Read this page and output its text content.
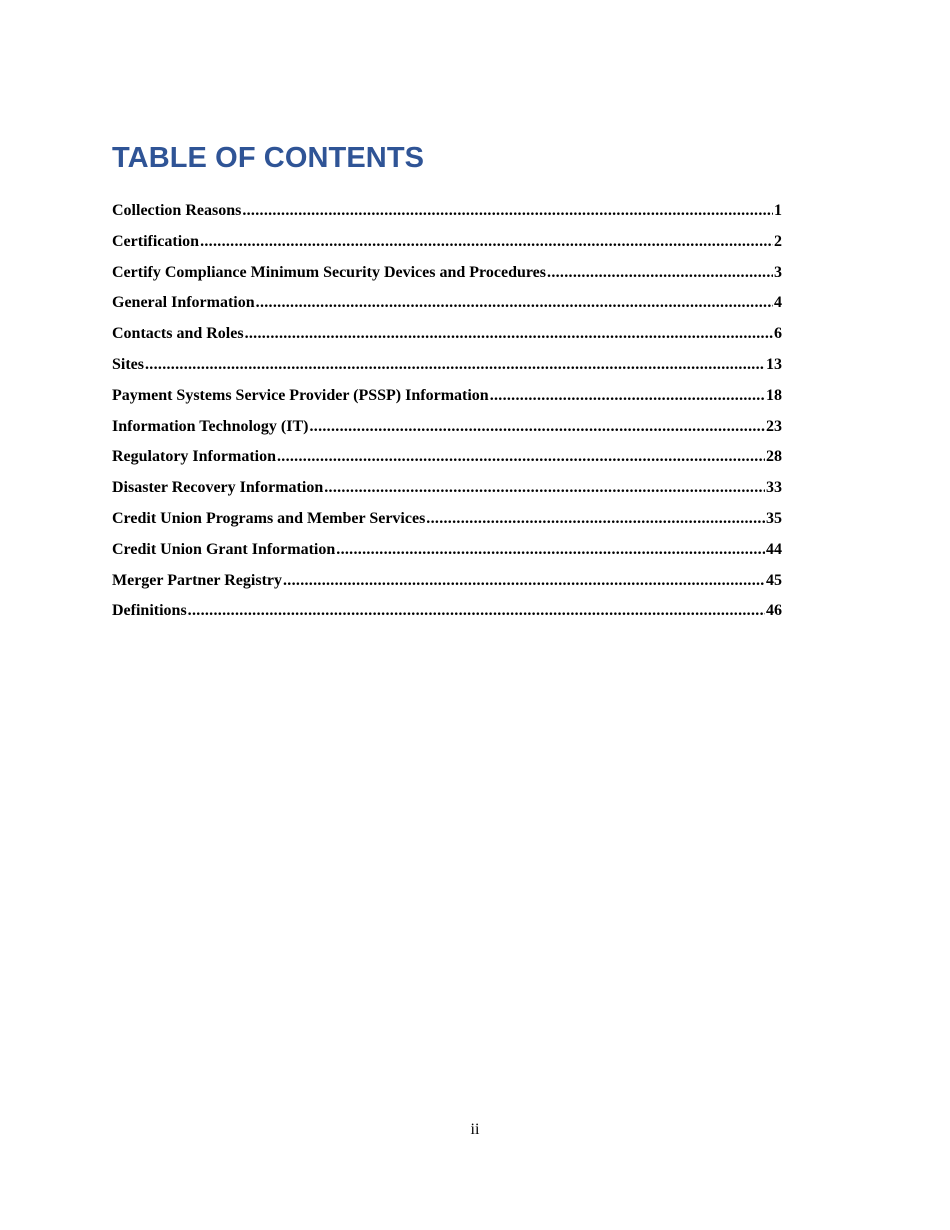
TABLE OF CONTENTS
Collection Reasons .....	1
Certification .....	2
Certify Compliance Minimum Security Devices and Procedures .....	3
General Information .....	4
Contacts and Roles .....	6
Sites .....	13
Payment Systems Service Provider (PSSP) Information .....	18
Information Technology (IT) .....	23
Regulatory Information .....	28
Disaster Recovery Information .....	33
Credit Union Programs and Member Services .....	35
Credit Union Grant Information .....	44
Merger Partner Registry .....	45
Definitions .....	46
ii
